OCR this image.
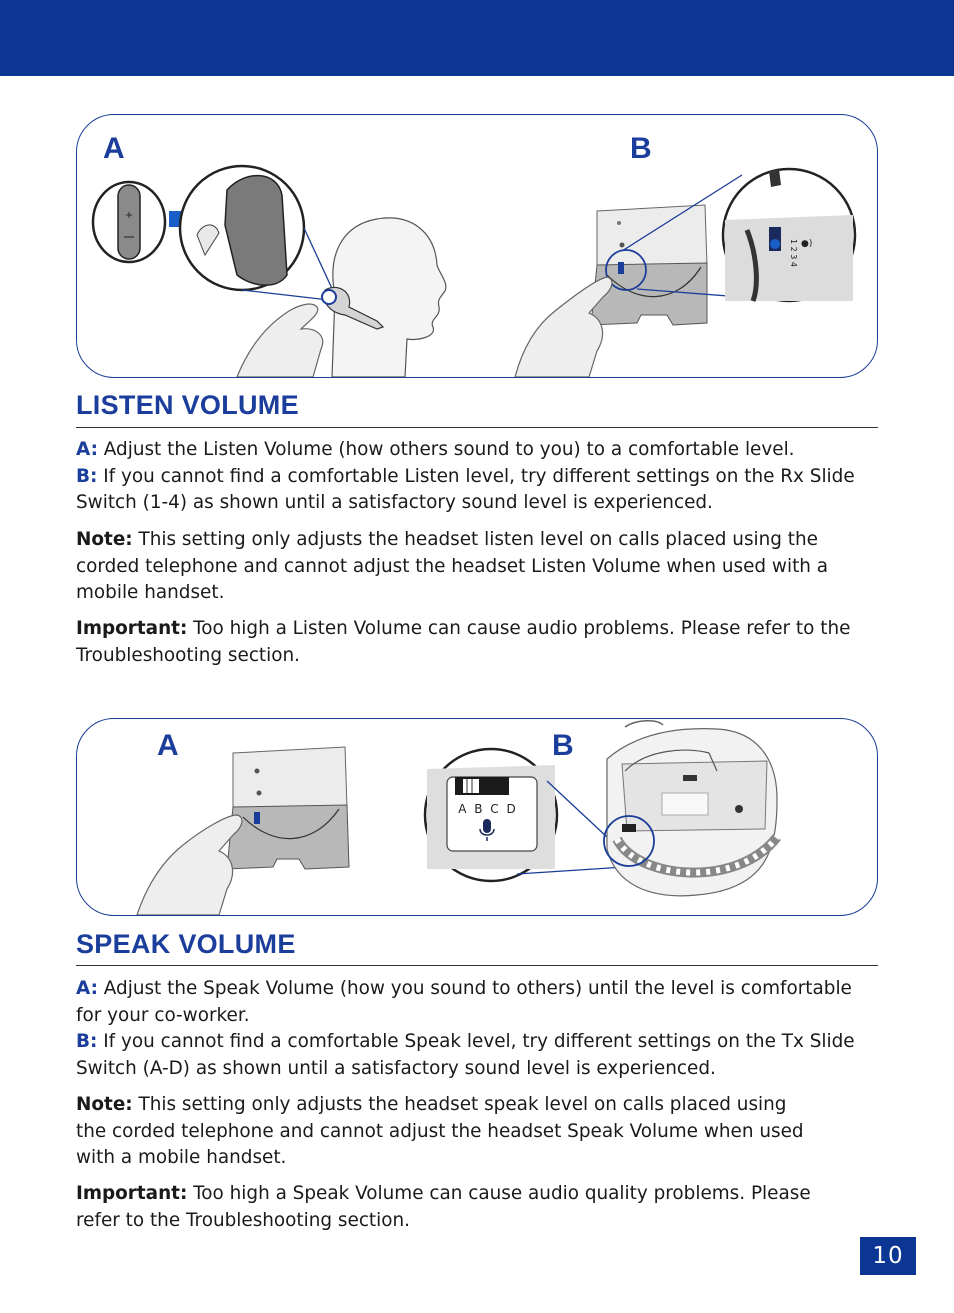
+
1 2 3 4 ●)
A	B
LISTEN VOLUME
A: Adjust the Listen Volume (how others sound to you) to a comfortable level.
B: If you cannot find a comfortable Listen level, try different settings on the Rx Slide Switch (1-4) as shown until a satisfactory sound level is experienced.
Note: This setting only adjusts the headset listen level on calls placed using the corded telephone and cannot adjust the headset Listen Volume when used with a mobile handset.
Important: Too high a Listen Volume can cause audio problems. Please refer to the Troubleshooting section.
A B C D
A	B
SPEAK VOLUME
A: Adjust the Speak Volume (how you sound to others) until the level is comfortable for your co-worker.
B: If you cannot find a comfortable Speak level, try different settings on the Tx Slide Switch (A-D) as shown until a satisfactory sound level is experienced.
Note: This setting only adjusts the headset speak level on calls placed using the corded telephone and cannot adjust the headset Speak Volume when used with a mobile handset.
Important: Too high a Speak Volume can cause audio quality problems. Please refer to the Troubleshooting section.
10
